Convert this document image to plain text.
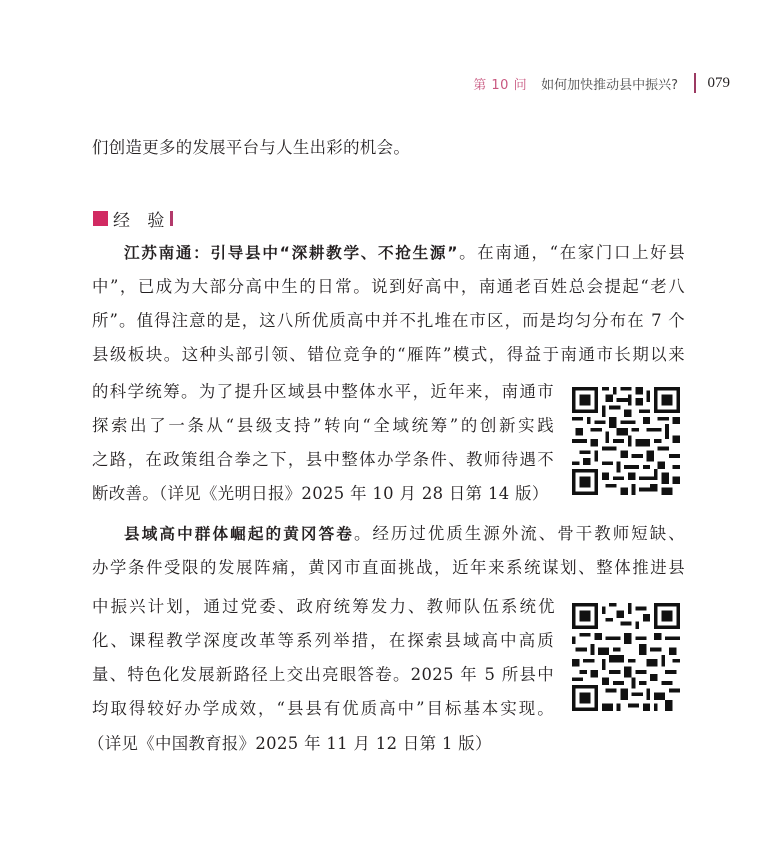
第 10 问 如何加快推动县中振兴? 079
们创造更多的发展平台与人生出彩的机会。
经 验
江苏南通：引导县中“深耕教学、不抢生源”。在南通，“在家门口上好县
中”，已成为大部分高中生的日常。说到好高中，南通老百姓总会提起“老八
所”。值得注意的是，这八所优质高中并不扎堆在市区，而是均匀分布在 7 个
县级板块。这种头部引领、错位竞争的“雁阵”模式，得益于南通市长期以来
的科学统筹。为了提升区域县中整体水平，近年来，南通市
探索出了一条从“县级支持”转向“全域统筹”的创新实践
之路，在政策组合拳之下，县中整体办学条件、教师待遇不
断改善。（详见《光明日报》2025 年 10 月 28 日第 14 版）
县域高中群体崛起的黄冈答卷。经历过优质生源外流、骨干教师短缺、
办学条件受限的发展阵痛，黄冈市直面挑战，近年来系统谋划、整体推进县
中振兴计划，通过党委、政府统筹发力、教师队伍系统优
化、课程教学深度改革等系列举措，在探索县域高中高质
量、特色化发展新路径上交出亮眼答卷。2025 年 5 所县中
均取得较好办学成效，“县县有优质高中”目标基本实现。
（详见《中国教育报》2025 年 11 月 12 日第 1 版）
